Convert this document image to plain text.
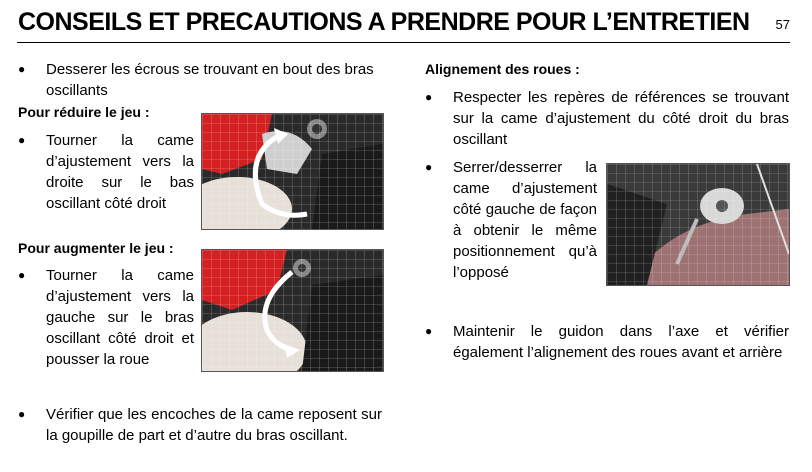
CONSEILS ET PRECAUTIONS A PRENDRE POUR L’ENTRETIEN 57
● Desserer les écrous se trouvant en bout des bras oscillants
Pour réduire le jeu :
● Tourner la came d’ajustement vers la droite sur le bas oscillant côté droit
Pour augmenter le jeu :
● Tourner la came d’ajustement vers la gauche sur le bras oscillant côté droit et pousser la roue
● Vérifier que les encoches de la came reposent sur la goupille de part et d’autre du bras oscillant.
Alignement des roues :
● Respecter les repères de références se trouvant sur la came d’ajustement du côté droit du bras oscillant
● Serrer/desserrer la came d’ajustement côté gauche de façon à obtenir le même positionnement qu’à l’opposé
● Maintenir le guidon dans l’axe et vérifier également l’alignement des roues avant et arrière
